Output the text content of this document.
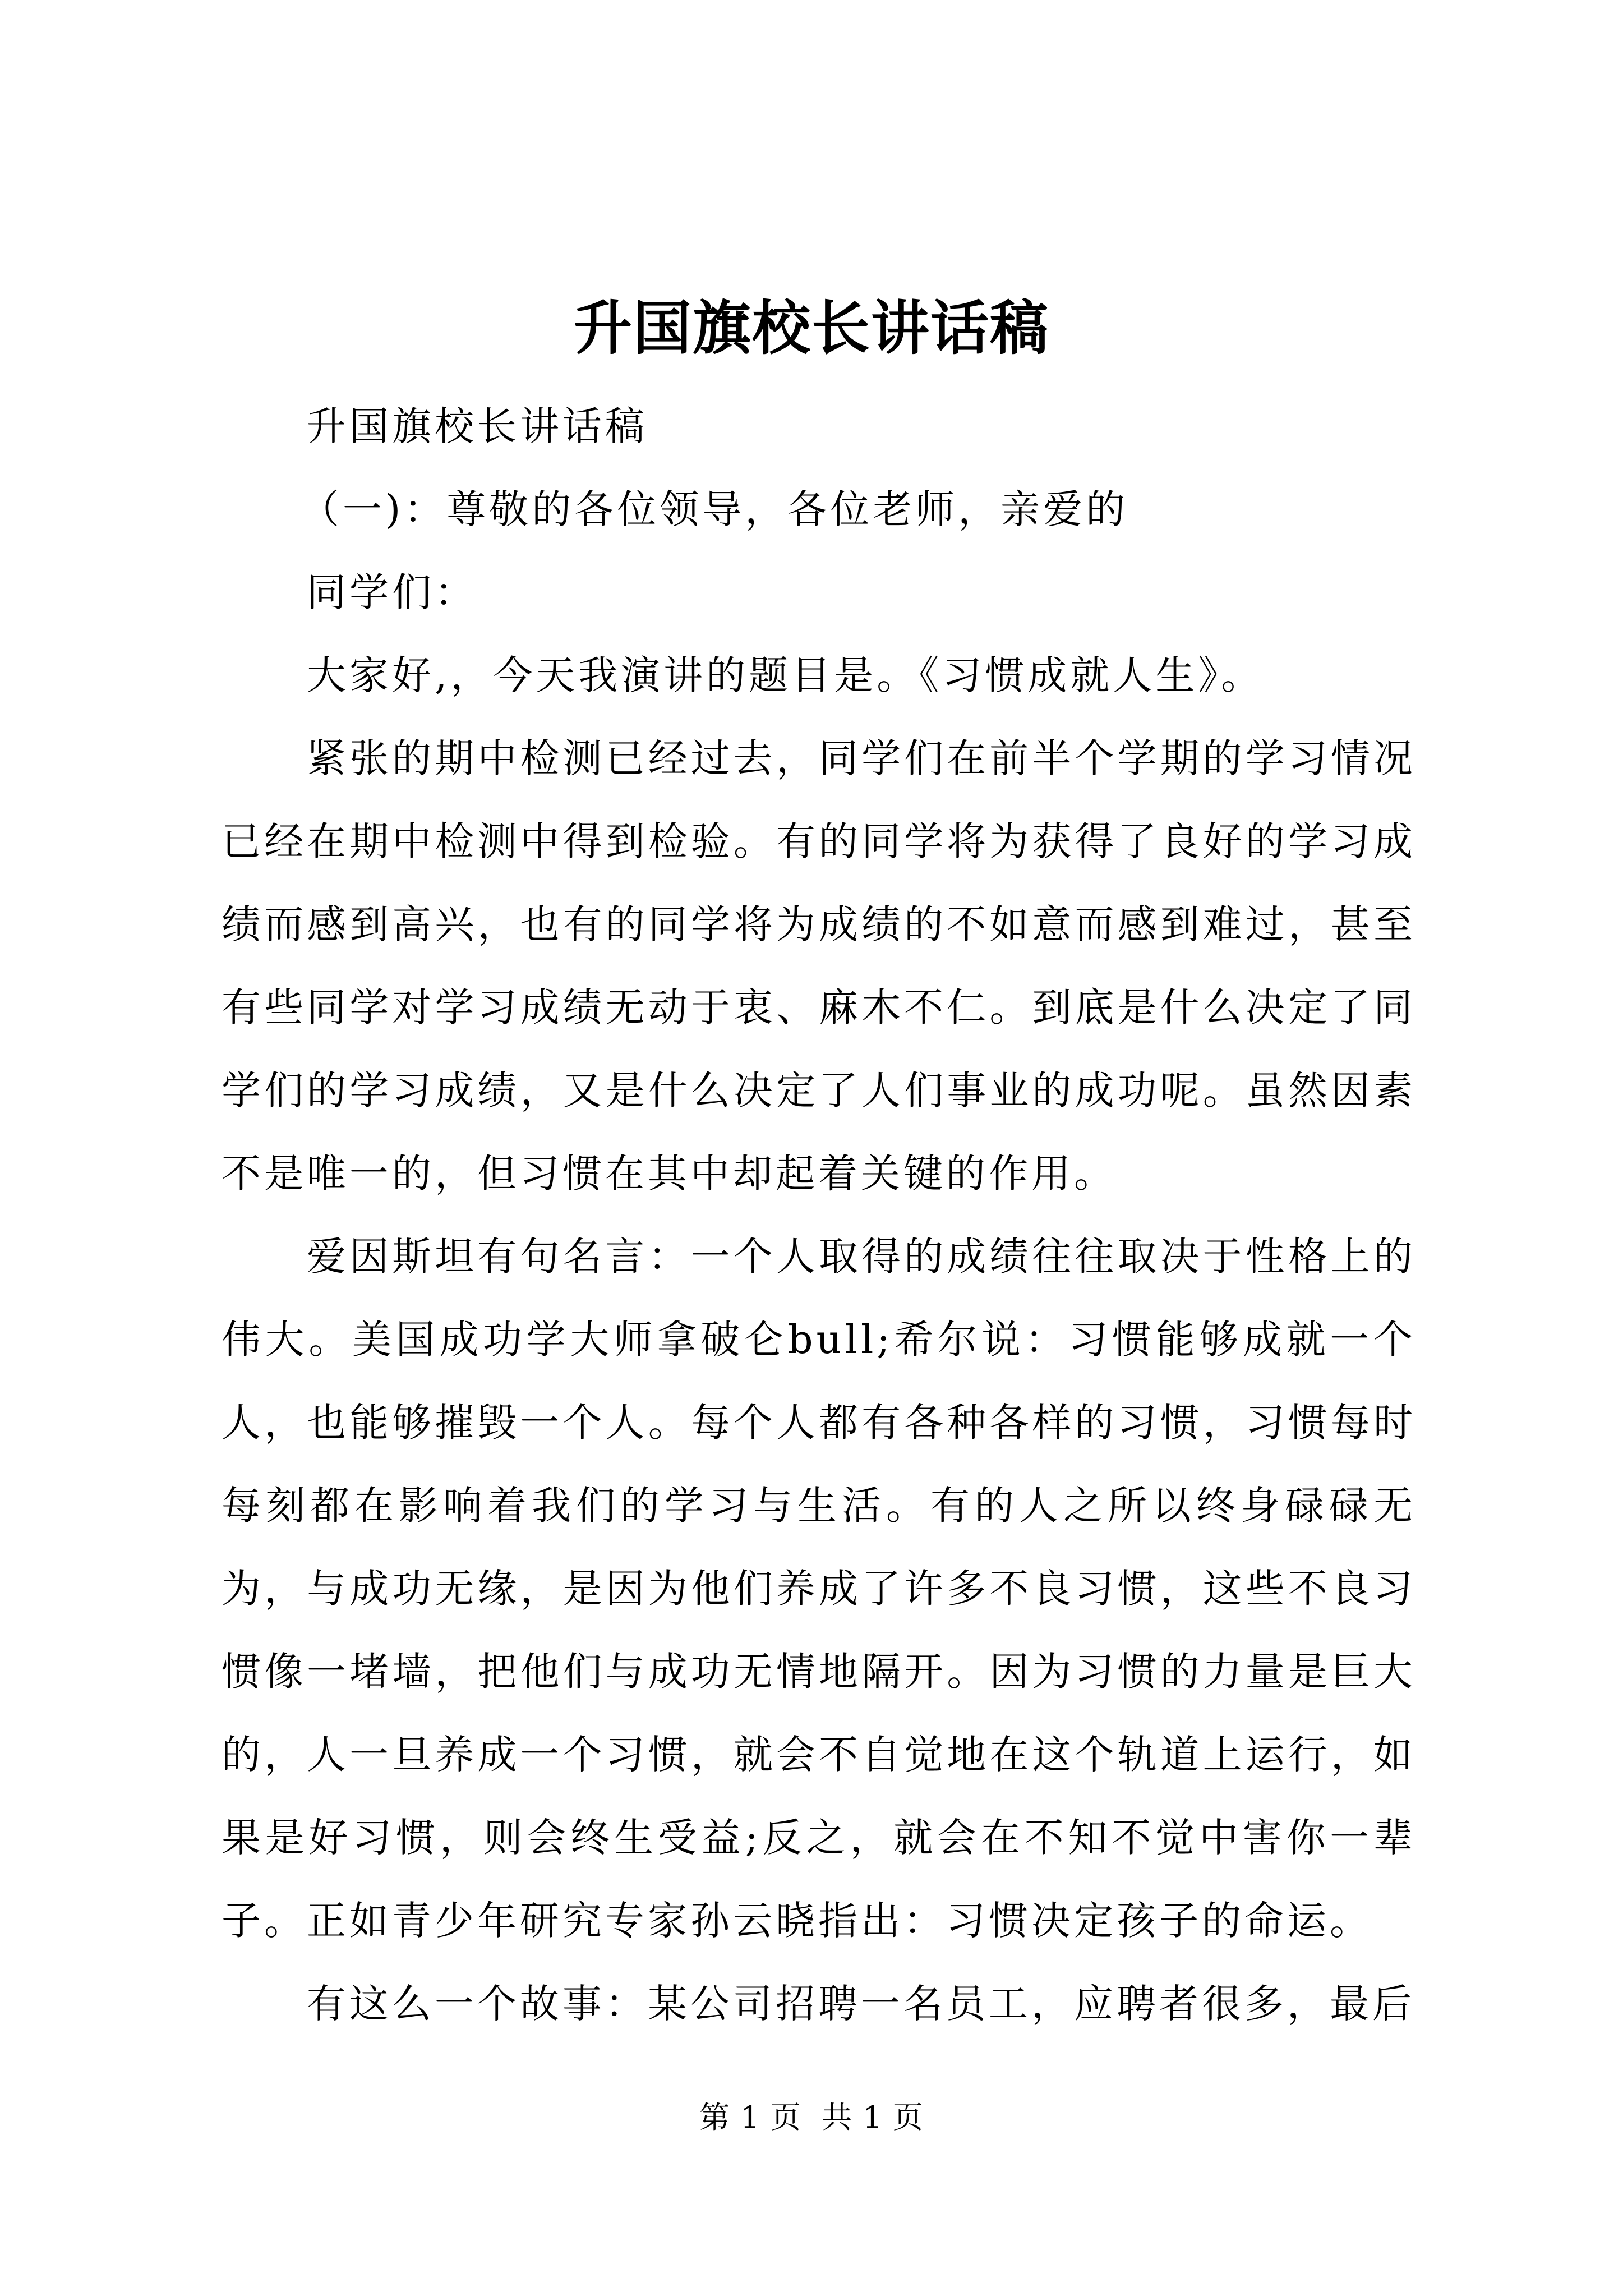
升国旗校长讲话稿

升国旗校长讲话稿

（一)：尊敬的各位领导，各位老师，亲爱的

同学们：

大家好,，今天我演讲的题目是。《习惯成就人生》。

紧张的期中检测已经过去，同学们在前半个学期的学习情况已经在期中检测中得到检验。有的同学将为获得了良好的学习成绩而感到高兴，也有的同学将为成绩的不如意而感到难过，甚至有些同学对学习成绩无动于衷、麻木不仁。到底是什么决定了同学们的学习成绩，又是什么决定了人们事业的成功呢。虽然因素不是唯一的，但习惯在其中却起着关键的作用。

爱因斯坦有句名言：一个人取得的成绩往往取决于性格上的伟大。美国成功学大师拿破仑bull;希尔说：习惯能够成就一个人，也能够摧毁一个人。每个人都有各种各样的习惯，习惯每时每刻都在影响着我们的学习与生活。有的人之所以终身碌碌无为，与成功无缘，是因为他们养成了许多不良习惯，这些不良习惯像一堵墙，把他们与成功无情地隔开。因为习惯的力量是巨大的，人一旦养成一个习惯，就会不自觉地在这个轨道上运行，如果是好习惯，则会终生受益;反之，就会在不知不觉中害你一辈子。正如青少年研究专家孙云晓指出：习惯决定孩子的命运。

有这么一个故事：某公司招聘一名员工，应聘者很多，最后

第 1 页  共 1 页
